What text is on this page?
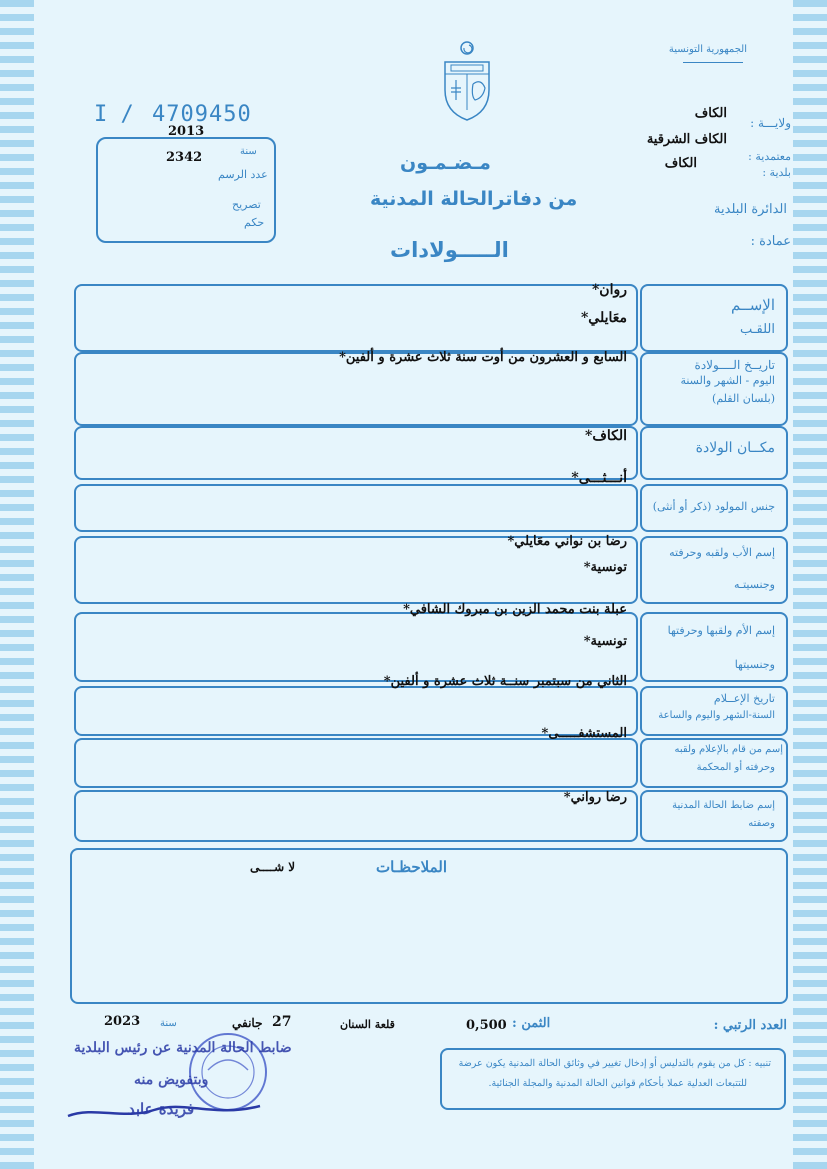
الجمهورية التونسية
ولايـــة :
الكاف
معتمدية :
الكاف الشرقية
بلدية :
الكاف
الدائرة البلدية
عمادة :
I / 4709450
2013
سنة
2342
عدد الرسم
تصريح
حكم
مـضـمـون
من دفاترالحالة المدنية
الـــــولادات
الإســم
اللقـب
روان*
معَايلي*
تاريــخ الــــولادة
اليوم - الشهر والسنة
(بلسان القلم)
السابع و العشرون من أوت سنة ثلاث عشرة و ألفين*
مكــان الولادة
الكاف*
جنس المولود (ذكر أو أنثى)
أنـــثـــى*
إسم الأب ولقبه وحرفته
وجنسيتـه
رضا بن نواني معَايلي*
تونسية*
إسم الأم ولقبها وحرفتها
وجنسيتها
عبلة بنت محمد الزين بن مبروك الشافي*
تونسية*
تاريخ الإعــلام
السنة-الشهر واليوم والساعة
الثاني من سبتمبر سنــة ثلاث عشرة و ألفين*
إسم من قام بالإعلام ولقبه
وحرفته أو المحكمة
المستشفـــــى*
إسم ضابط الحالة المدنية
وصفته
رضا رواني*
الملاحظـات
لا شــــى
العدد الرتبي :
الثمن :
0,500
قلعة السنان
27
جانفي
سنة
2023
تنبيه : كل من يقوم بالتدليس أو إدخال تغيير في وثائق الحالة المدنية يكون عرضة
للتتبعات العدلية عملا بأحكام قوانين الحالة المدنية والمجلة الجنائية.
ضابط الحالة المدنية عن رئيس البلدية
وبتفويض منه
فريدة عابد
